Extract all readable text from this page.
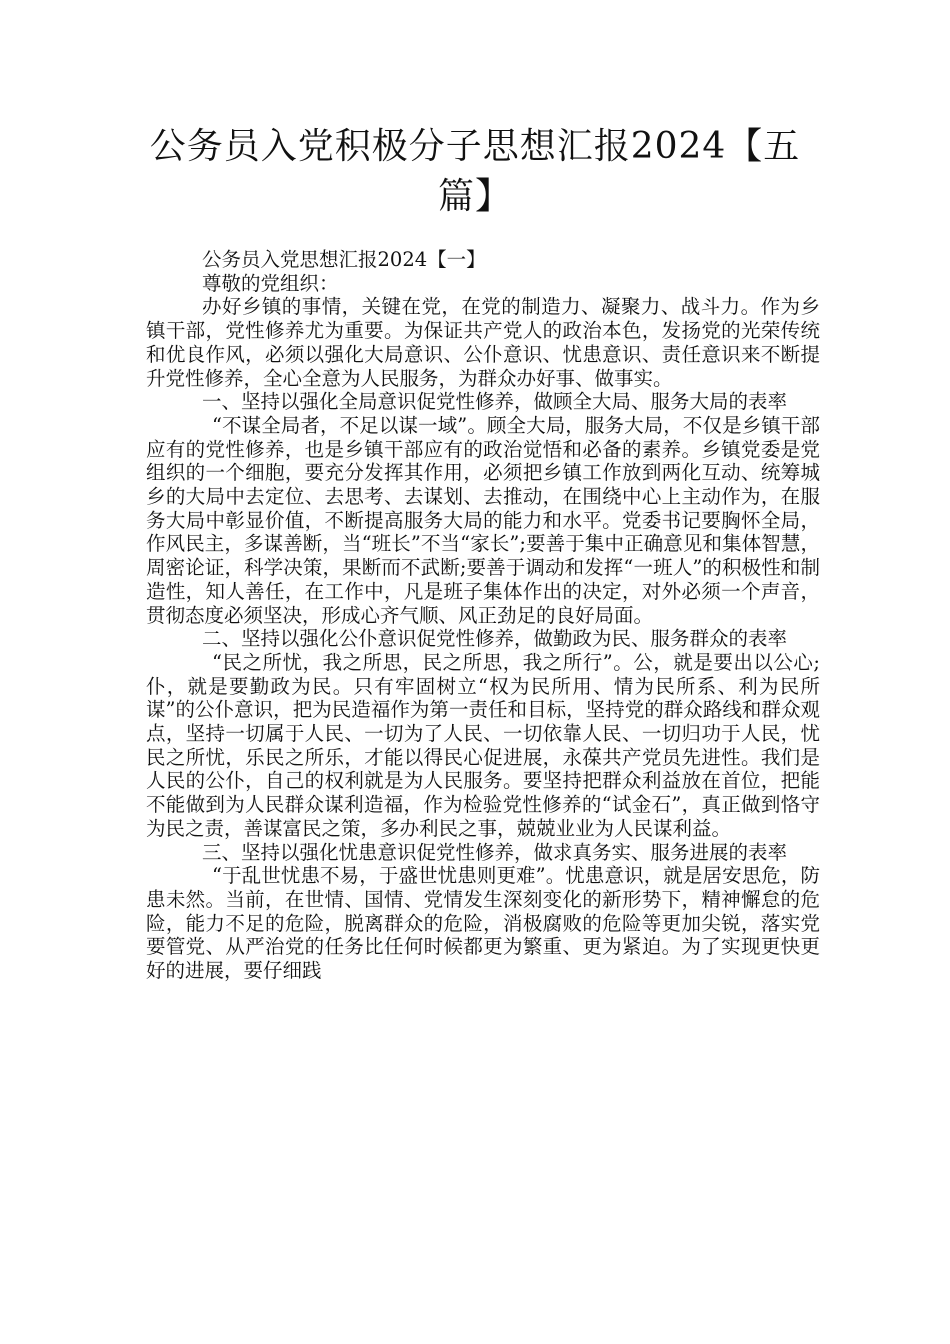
公务员入党积极分子思想汇报2024【五篇】

公务员入党思想汇报2024【一】

尊敬的党组织：

办好乡镇的事情，关键在党，在党的制造力、凝聚力、战斗力。作为乡镇干部，党性修养尤为重要。为保证共产党人的政治本色，发扬党的光荣传统和优良作风，必须以强化大局意识、公仆意识、忧患意识、责任意识来不断提升党性修养，全心全意为人民服务，为群众办好事、做事实。

一、坚持以强化全局意识促党性修养，做顾全大局、服务大局的表率

“不谋全局者，不足以谋一域”。顾全大局，服务大局，不仅是乡镇干部应有的党性修养，也是乡镇干部应有的政治觉悟和必备的素养。乡镇党委是党组织的一个细胞，要充分发挥其作用，必须把乡镇工作放到两化互动、统筹城乡的大局中去定位、去思考、去谋划、去推动，在围绕中心上主动作为，在服务大局中彰显价值，不断提高服务大局的能力和水平。党委书记要胸怀全局，作风民主，多谋善断，当“班长”不当“家长”;要善于集中正确意见和集体智慧，周密论证，科学决策，果断而不武断;要善于调动和发挥“一班人”的积极性和制造性，知人善任，在工作中，凡是班子集体作出的决定，对外必须一个声音，贯彻态度必须坚决，形成心齐气顺、风正劲足的良好局面。

二、坚持以强化公仆意识促党性修养，做勤政为民、服务群众的表率

“民之所忧，我之所思，民之所思，我之所行”。公，就是要出以公心;仆，就是要勤政为民。只有牢固树立“权为民所用、情为民所系、利为民所谋”的公仆意识，把为民造福作为第一责任和目标，坚持党的群众路线和群众观点，坚持一切属于人民、一切为了人民、一切依靠人民、一切归功于人民，忧民之所忧，乐民之所乐，才能以得民心促进展，永葆共产党员先进性。我们是人民的公仆，自己的权利就是为人民服务。要坚持把群众利益放在首位，把能不能做到为人民群众谋利造福，作为检验党性修养的“试金石”，真正做到恪守为民之责，善谋富民之策，多办利民之事，兢兢业业为人民谋利益。

三、坚持以强化忧患意识促党性修养，做求真务实、服务进展的表率

“于乱世忧患不易，于盛世忧患则更难”。忧患意识，就是居安思危，防患未然。当前，在世情、国情、党情发生深刻变化的新形势下，精神懈怠的危险，能力不足的危险，脱离群众的危险，消极腐败的危险等更加尖锐，落实党要管党、从严治党的任务比任何时候都更为繁重、更为紧迫。为了实现更快更好的进展，要仔细践
